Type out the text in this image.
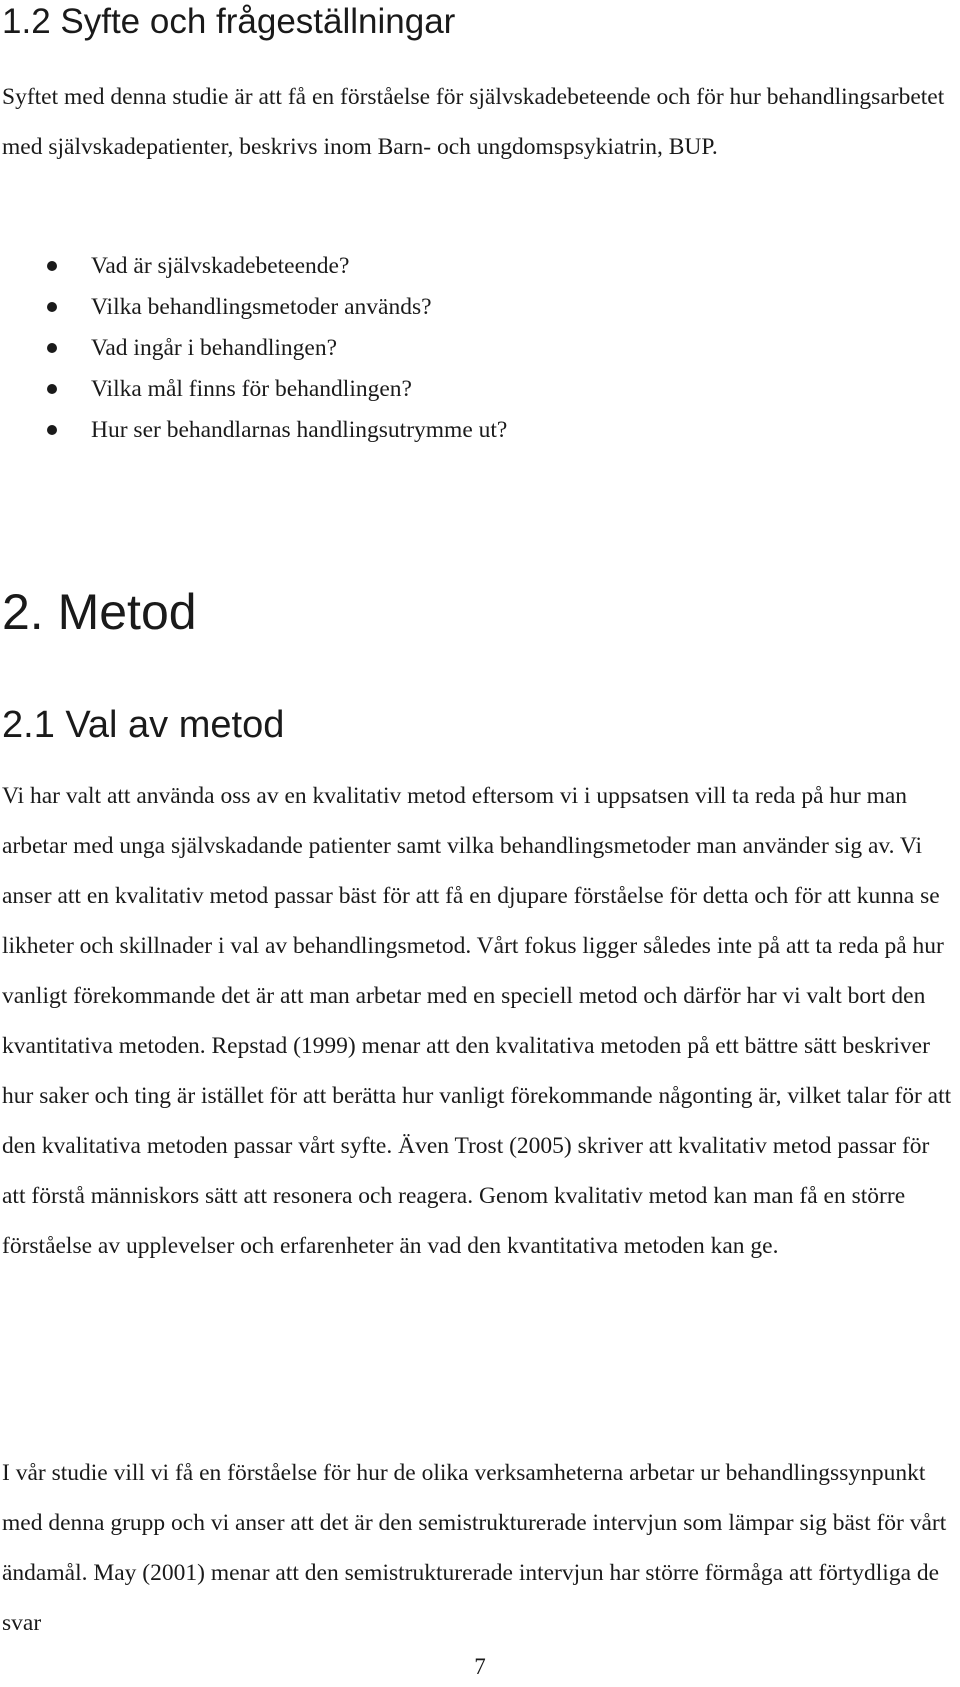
1.2 Syfte och frågeställningar

Syftet med denna studie är att få en förståelse för självskadebeteende och för hur behandlingsarbetet med självskadepatienter, beskrivs inom Barn- och ungdomspsykiatrin, BUP.

Vad är självskadebeteende?
Vilka behandlingsmetoder används?
Vad ingår i behandlingen?
Vilka mål finns för behandlingen?
Hur ser behandlarnas handlingsutrymme ut?
2. Metod
2.1 Val av metod

Vi har valt att använda oss av en kvalitativ metod eftersom vi i uppsatsen vill ta reda på hur man arbetar med unga självskadande patienter samt vilka behandlingsmetoder man använder sig av. Vi anser att en kvalitativ metod passar bäst för att få en djupare förståelse för detta och för att kunna se likheter och skillnader i val av behandlingsmetod. Vårt fokus ligger således inte på att ta reda på hur vanligt förekommande det är att man arbetar med en speciell metod och därför har vi valt bort den kvantitativa metoden. Repstad (1999) menar att den kvalitativa metoden på ett bättre sätt beskriver hur saker och ting är istället för att berätta hur vanligt förekommande någonting är, vilket talar för att den kvalitativa metoden passar vårt syfte. Även Trost (2005) skriver att kvalitativ metod passar för att förstå människors sätt att resonera och reagera. Genom kvalitativ metod kan man få en större förståelse av upplevelser och erfarenheter än vad den kvantitativa metoden kan ge.

I vår studie vill vi få en förståelse för hur de olika verksamheterna arbetar ur behandlingssynpunkt med denna grupp och vi anser att det är den semistrukturerade intervjun som lämpar sig bäst för vårt ändamål. May (2001) menar att den semistrukturerade intervjun har större förmåga att förtydliga de svar

7
